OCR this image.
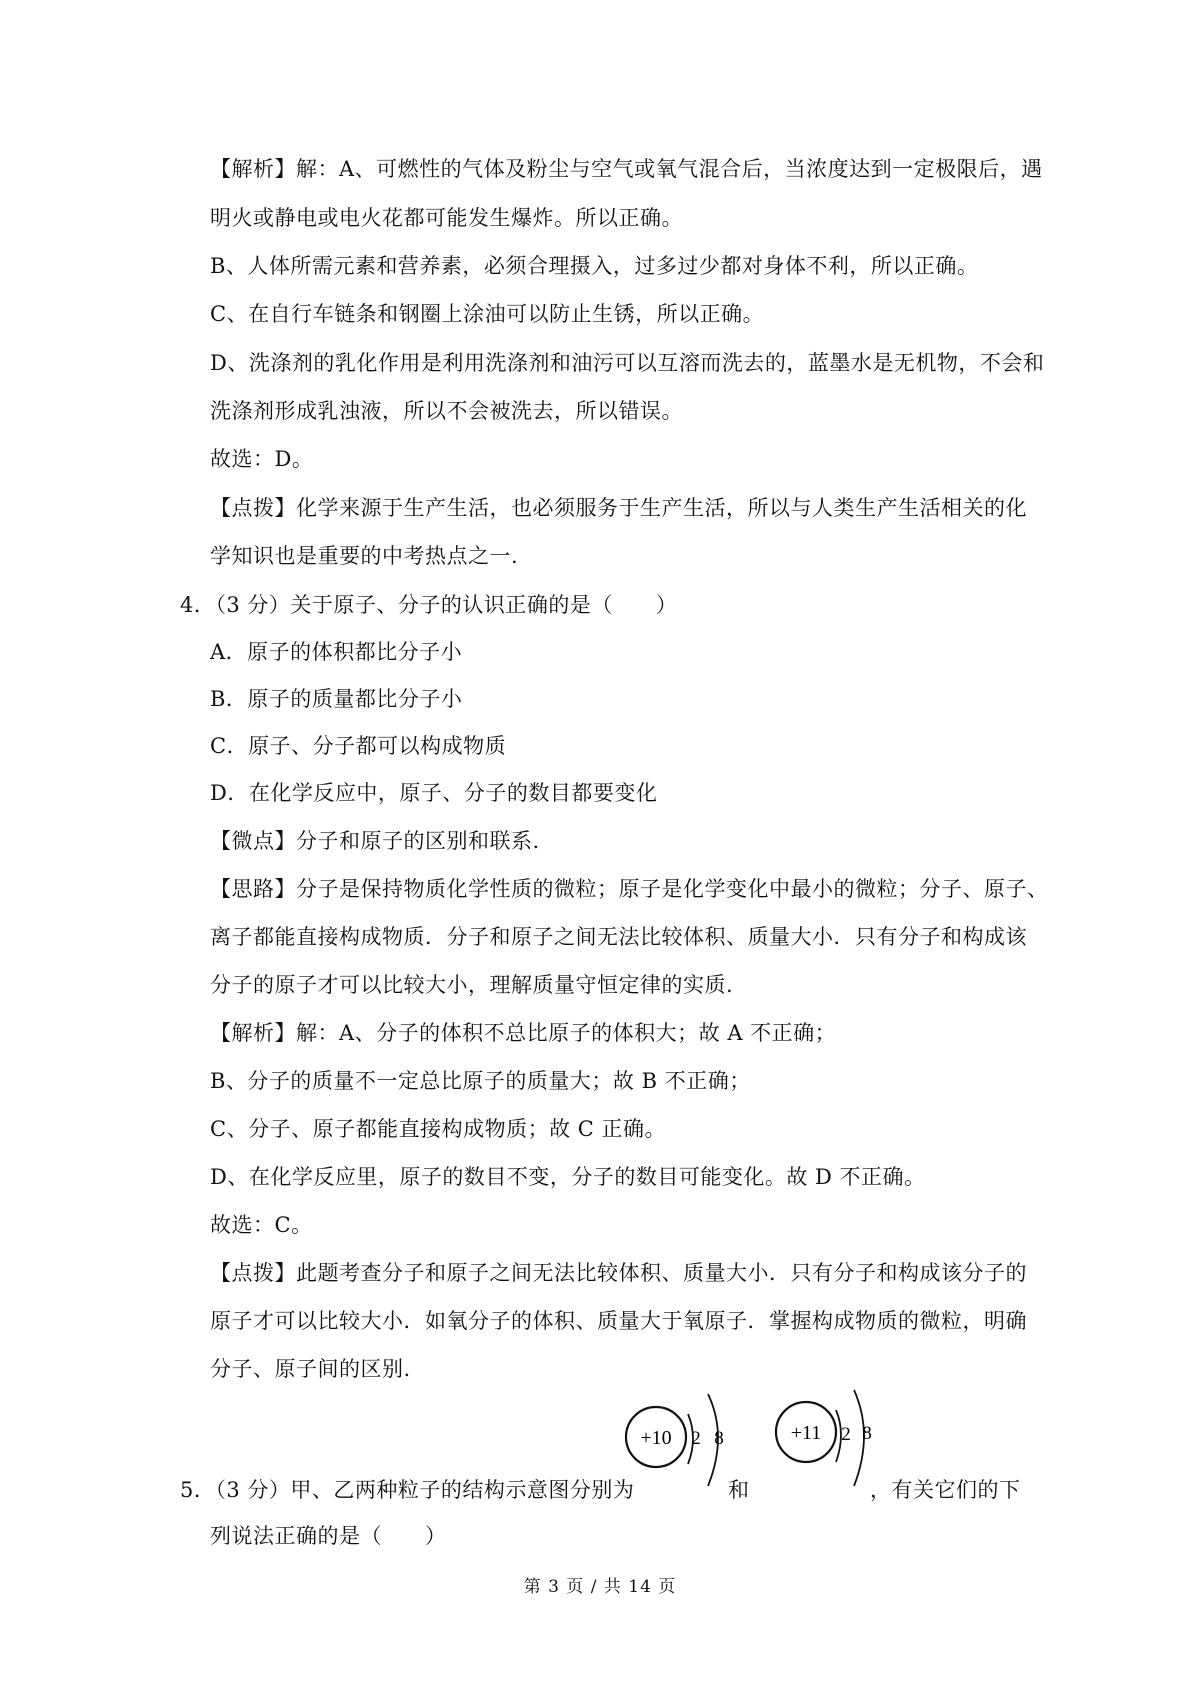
【解析】解：A、可燃性的气体及粉尘与空气或氧气混合后，当浓度达到一定极限后，遇
明火或静电或电火花都可能发生爆炸。所以正确。
B、人体所需元素和营养素，必须合理摄入，过多过少都对身体不利，所以正确。
C、在自行车链条和钢圈上涂油可以防止生锈，所以正确。
D、洗涤剂的乳化作用是利用洗涤剂和油污可以互溶而洗去的，蓝墨水是无机物，不会和
洗涤剂形成乳浊液，所以不会被洗去，所以错误。
故选：D。
【点拨】化学来源于生产生活，也必须服务于生产生活，所以与人类生产生活相关的化
学知识也是重要的中考热点之一.
4．（3 分）关于原子、分子的认识正确的是（　　）
A．原子的体积都比分子小
B．原子的质量都比分子小
C．原子、分子都可以构成物质
D．在化学反应中，原子、分子的数目都要变化
【微点】分子和原子的区别和联系.
【思路】分子是保持物质化学性质的微粒；原子是化学变化中最小的微粒；分子、原子、
离子都能直接构成物质．分子和原子之间无法比较体积、质量大小．只有分子和构成该
分子的原子才可以比较大小，理解质量守恒定律的实质.
【解析】解：A、分子的体积不总比原子的体积大；故 A 不正确；
B、分子的质量不一定总比原子的质量大；故 B 不正确；
C、分子、原子都能直接构成物质；故 C 正确。
D、在化学反应里，原子的数目不变，分子的数目可能变化。故 D 不正确。
故选：C。
【点拨】此题考查分子和原子之间无法比较体积、质量大小．只有分子和构成该分子的
原子才可以比较大小．如氧分子的体积、质量大于氧原子．掌握构成物质的微粒，明确
分子、原子间的区别.
5．（3 分）甲、乙两种粒子的结构示意图分别为
+10 2 8
和
+11 2 8
，有关它们的下
列说法正确的是（　　）
第 3 页 / 共 14 页
